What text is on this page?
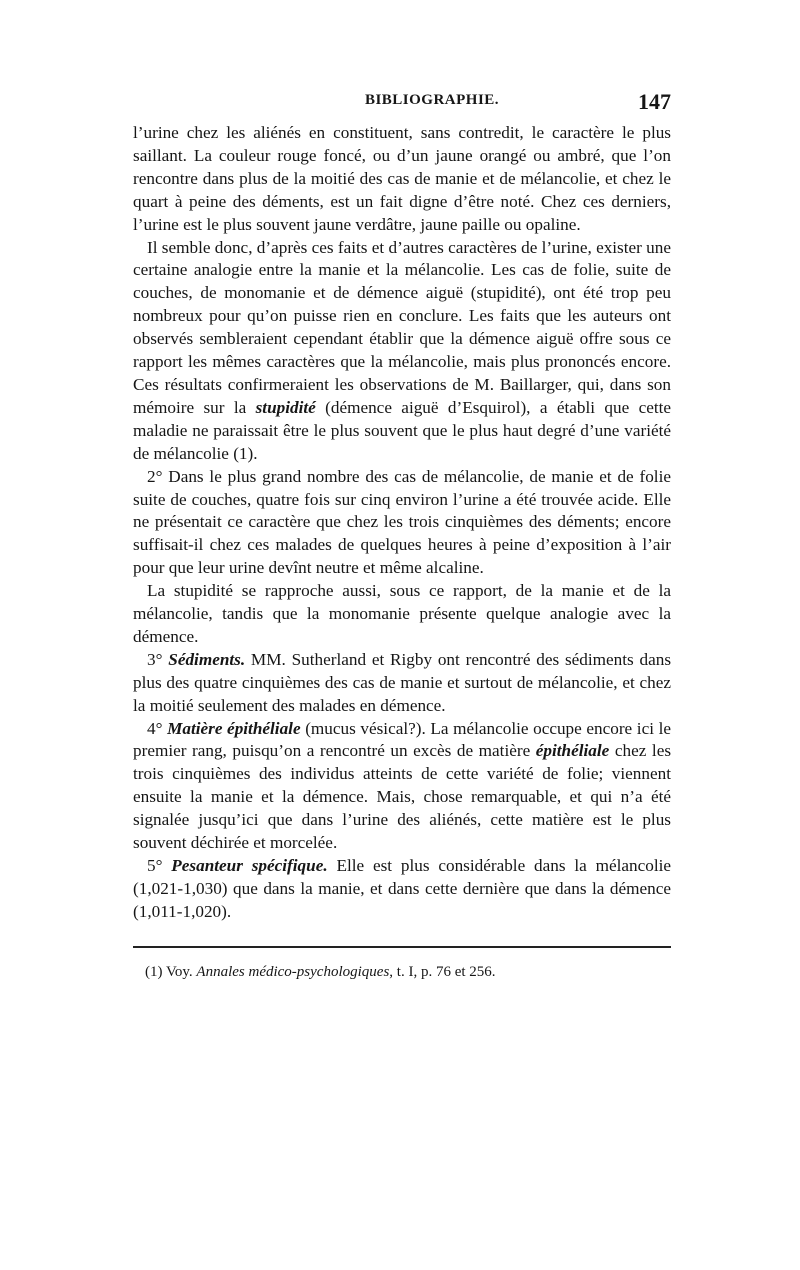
BIBLIOGRAPHIE.	147

l’urine chez les aliénés en constituent, sans contredit, le caractère le plus saillant. La couleur rouge foncé, ou d’un jaune orangé ou ambré, que l’on rencontre dans plus de la moitié des cas de manie et de mélancolie, et chez le quart à peine des déments, est un fait digne d’être noté. Chez ces derniers, l’urine est le plus souvent jaune verdâtre, jaune paille ou opaline.

Il semble donc, d’après ces faits et d’autres caractères de l’urine, exister une certaine analogie entre la manie et la mélancolie. Les cas de folie, suite de couches, de monomanie et de démence aiguë (stupidité), ont été trop peu nombreux pour qu’on puisse rien en conclure. Les faits que les auteurs ont observés sembleraient cependant établir que la démence aiguë offre sous ce rapport les mêmes caractères que la mélancolie, mais plus prononcés encore. Ces résultats confirmeraient les observations de M. Baillarger, qui, dans son mémoire sur la stupidité (démence aiguë d’Esquirol), a établi que cette maladie ne paraissait être le plus souvent que le plus haut degré d’une variété de mélancolie (1).

2° Dans le plus grand nombre des cas de mélancolie, de manie et de folie suite de couches, quatre fois sur cinq environ l’urine a été trouvée acide. Elle ne présentait ce caractère que chez les trois cinquièmes des déments; encore suffisait-il chez ces malades de quelques heures à peine d’exposition à l’air pour que leur urine devînt neutre et même alcaline.

La stupidité se rapproche aussi, sous ce rapport, de la manie et de la mélancolie, tandis que la monomanie présente quelque analogie avec la démence.

3° Sédiments. MM. Sutherland et Rigby ont rencontré des sédiments dans plus des quatre cinquièmes des cas de manie et surtout de mélancolie, et chez la moitié seulement des malades en démence.

4° Matière épithéliale (mucus vésical?). La mélancolie occupe encore ici le premier rang, puisqu’on a rencontré un excès de matière épithéliale chez les trois cinquièmes des individus atteints de cette variété de folie; viennent ensuite la manie et la démence. Mais, chose remarquable, et qui n’a été signalée jusqu’ici que dans l’urine des aliénés, cette matière est le plus souvent déchirée et morcelée.

5° Pesanteur spécifique. Elle est plus considérable dans la mélancolie (1,021-1,030) que dans la manie, et dans cette dernière que dans la démence (1,011-1,020).

(1) Voy. Annales médico-psychologiques, t. I, p. 76 et 256.
